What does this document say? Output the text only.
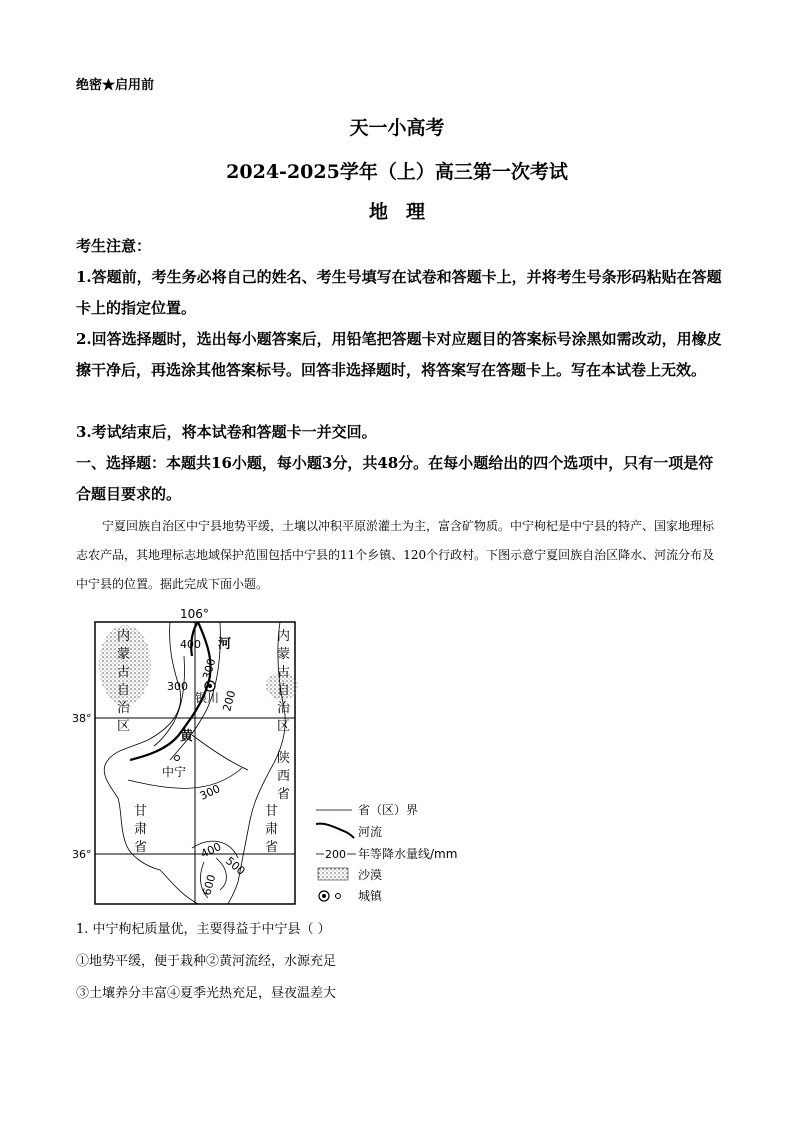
绝密★启用前
天一小高考
2024-2025学年（上）高三第一次考试
地理
考生注意：
1.答题前，考生务必将自己的姓名、考生号填写在试卷和答题卡上，并将考生号条形码粘贴在答题卡上的指定位置。
2.回答选择题时，选出每小题答案后，用铅笔把答题卡对应题目的答案标号涂黑如需改动，用橡皮擦干净后，再选涂其他答案标号。回答非选择题时，将答案写在答题卡上。写在本试卷上无效。
3.考试结束后，将本试卷和答题卡一并交回。
一、选择题：本题共16小题，每小题3分，共48分。在每小题给出的四个选项中，只有一项是符合题目要求的。
宁夏回族自治区中宁县地势平缓，土壤以冲积平原淤灌土为主，富含矿物质。中宁枸杞是中宁县的特产、国家地理标志农产品，其地理标志地域保护范围包括中宁县的11个乡镇、120个行政村。下图示意宁夏回族自治区降水、河流分布及中宁县的位置。据此完成下面小题。
106°
38°
36°
内
蒙
古
自
治
区
内
蒙
古
自
治
区
陕
西
省
甘
肃
省
甘
肃
省
河
黄
银川
中宁
400
300
300
200
300
400
500
600
省（区）界
河流
200 年等降水量线/mm
沙漠
城镇
1. 中宁枸杞质量优，主要得益于中宁县（ ）
①地势平缓，便于栽种②黄河流经，水源充足
③土壤养分丰富④夏季光热充足，昼夜温差大
